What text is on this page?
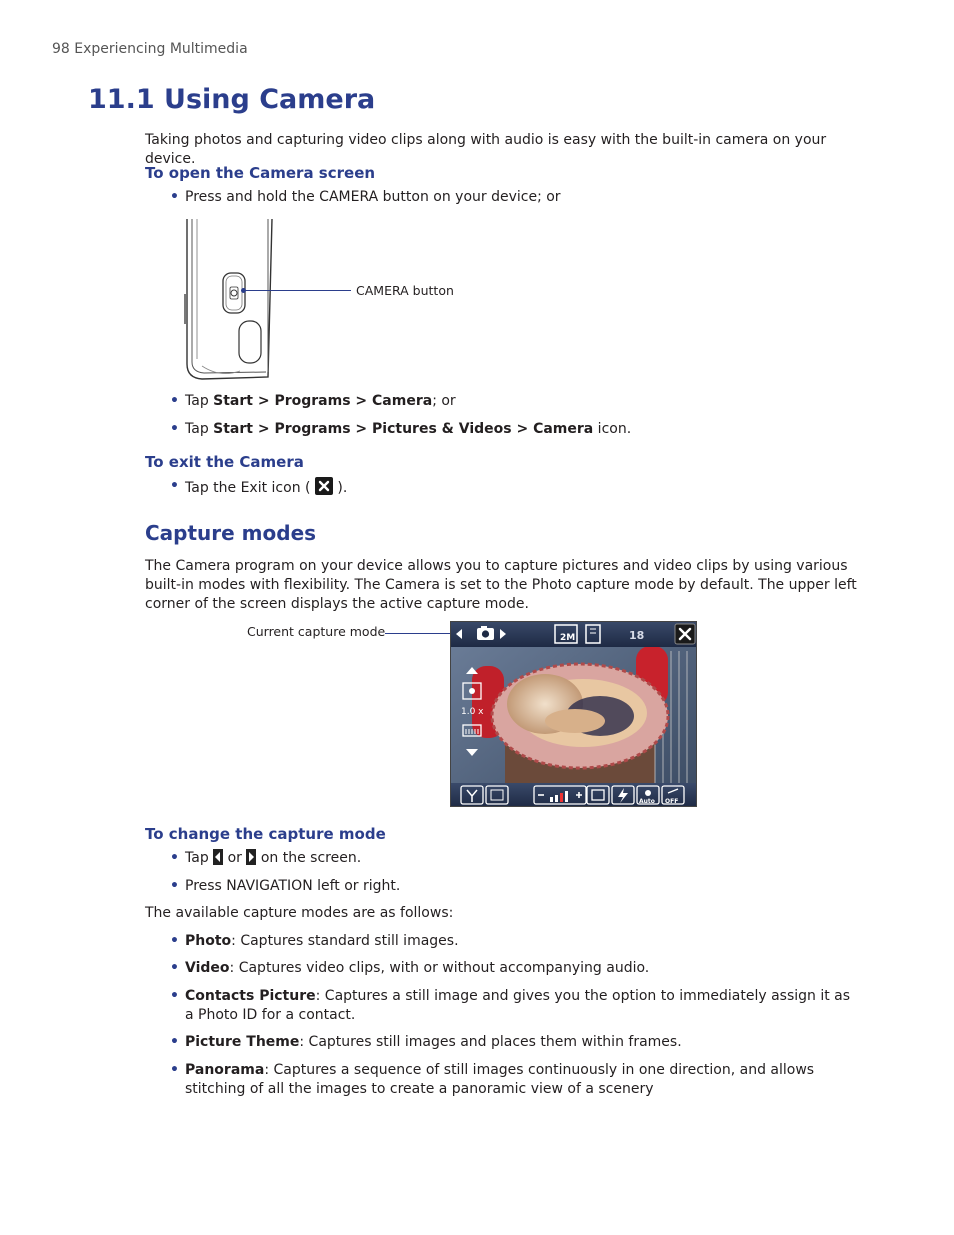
98 Experiencing Multimedia
11.1 Using Camera

Taking photos and capturing video clips along with audio is easy with the built-in camera on your device.

To open the Camera screen
• Press and hold the CAMERA button on your device; or
CAMERA button
• Tap Start > Programs > Camera; or
• Tap Start > Programs > Pictures & Videos > Camera icon.
To exit the Camera
• Tap the Exit icon (  ).
Capture modes

The Camera program on your device allows you to capture pictures and video clips by using various built-in modes with flexibility. The Camera is set to the Photo capture mode by default. The upper left corner of the screen displays the active capture mode.

Current capture mode	2M	18
1.0 x
Auto OFF
To change the capture mode
• Tap  or  on the screen.
• Press NAVIGATION left or right.

The available capture modes are as follows:

• Photo: Captures standard still images.
• Video: Captures video clips, with or without accompanying audio.
• Contacts Picture: Captures a still image and gives you the option to immediately assign it as a Photo ID for a contact.
• Picture Theme: Captures still images and places them within frames.
• Panorama: Captures a sequence of still images continuously in one direction, and allows stitching of all the images to create a panoramic view of a scenery
